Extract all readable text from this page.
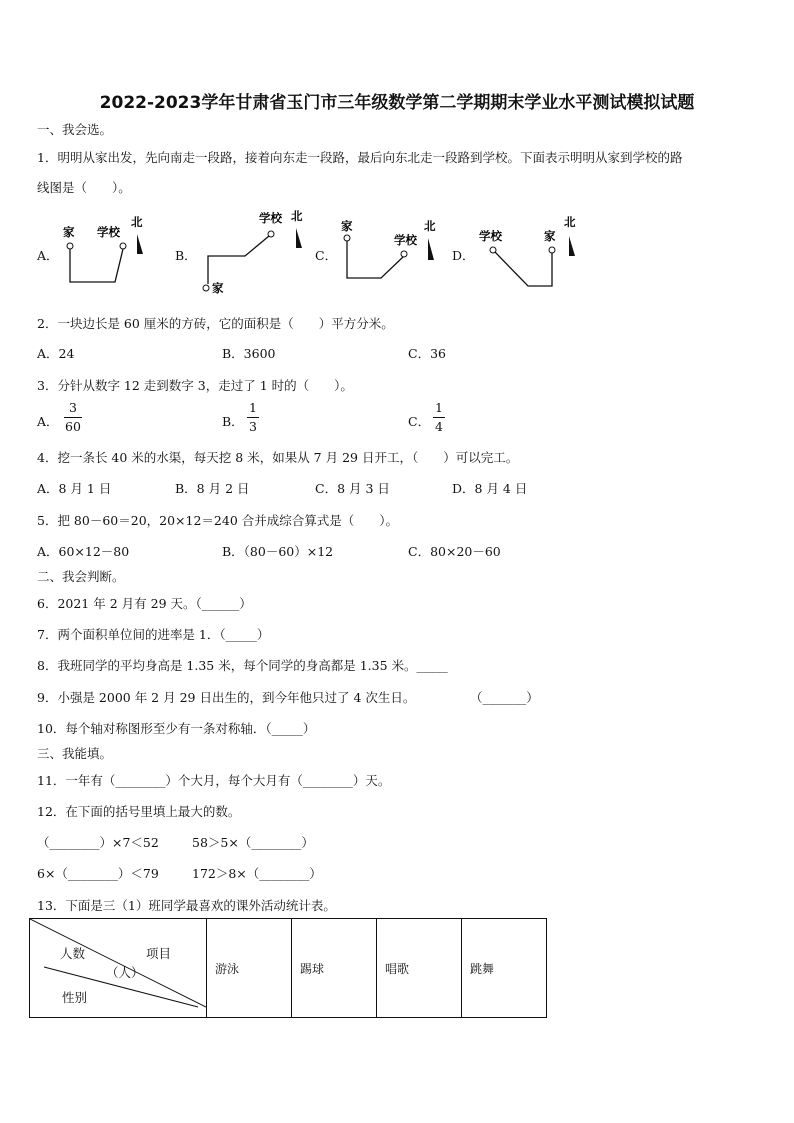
2022-2023学年甘肃省玉门市三年级数学第二学期期末学业水平测试模拟试题
一、我会选。
1．明明从家出发，先向南走一段路，接着向东走一段路，最后向东北走一段路到学校。下面表示明明从家到学校的路
线图是（　　）。
A．
家 学校
北
B．
学校 北
家
C．
家
学校
北
D．
学校	家
北
2．一块边长是 60 厘米的方砖，它的面积是（　　）平方分米。
A．24	B．3600	C．36
3．分针从数字 12 走到数字 3，走过了 1 时的（　　）。
A．
3
60	B．
1
3	C．
1
4
4．挖一条长 40 米的水渠，每天挖 8 米，如果从 7 月 29 日开工，（　　）可以完工。
A．8 月 1 日	B．8 月 2 日	C．8 月 3 日	D．8 月 4 日
5．把 80－60＝20，20×12＝240 合并成综合算式是（　　）。
A．60×12－80	B．（80－60）×12	C．80×20－60
二、我会判断。
6．2021 年 2 月有 29 天。（______）
7．两个面积单位间的进率是 1．（_____）
8．我班同学的平均身高是 1.35 米，每个同学的身高都是 1.35 米。_____
9．小强是 2000 年 2 月 29 日出生的，到今年他只过了 4 次生日。	（_______）
10．每个轴对称图形至少有一条对称轴．（_____）
三、我能填。
11．一年有（________）个大月，每个大月有（________）天。
12．在下面的括号里填上最大的数。
（________）×7＜52	58＞5×（________）
6×（________）＜79	172＞8×（________）
13．下面是三（1）班同学最喜欢的课外活动统计表。
人数	项目
（人）
性别
	游泳	踢球	唱歌	跳舞
